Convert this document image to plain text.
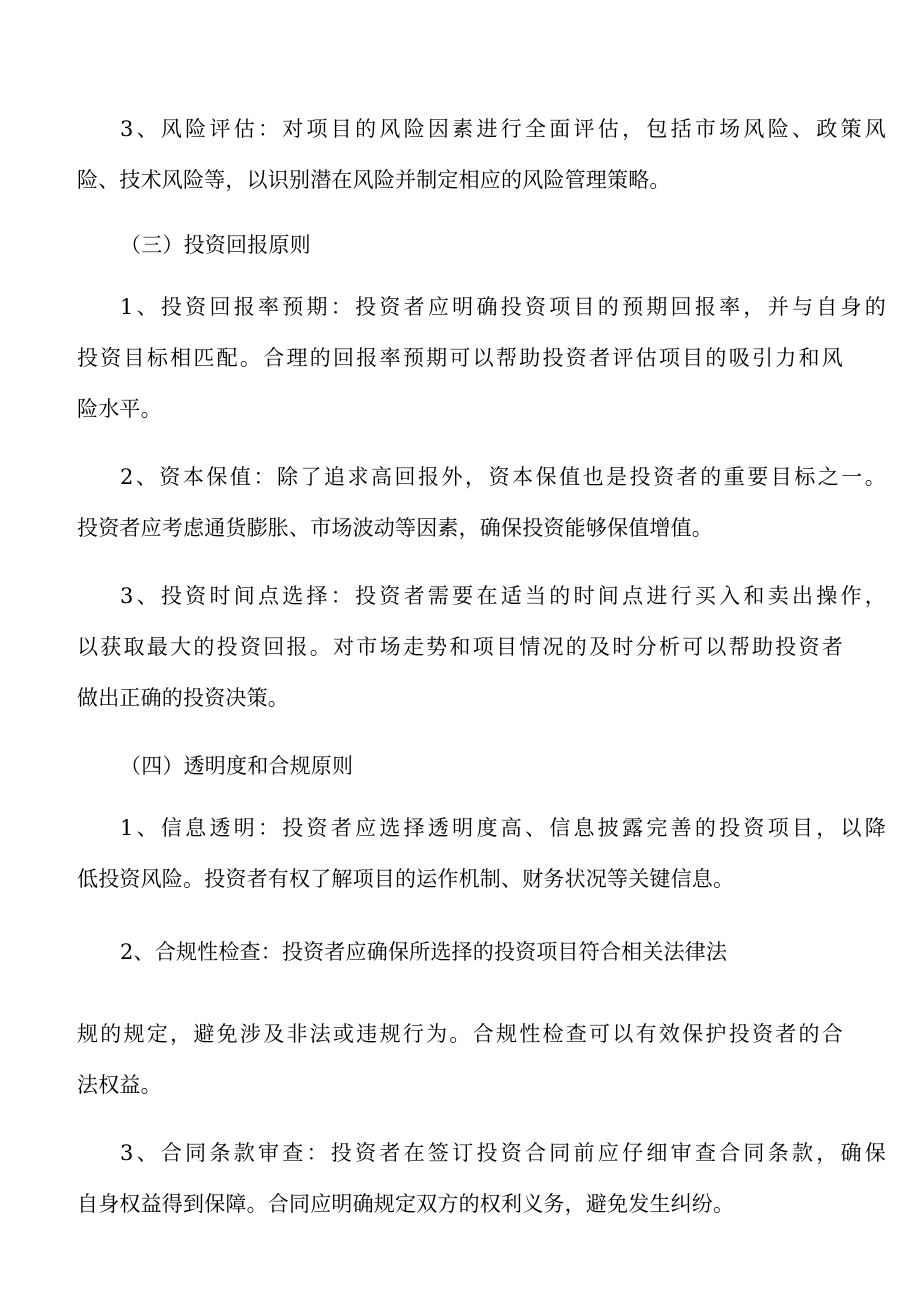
3、风险评估：对项目的风险因素进行全面评估，包括市场风险、政策风
险、技术风险等，以识别潜在风险并制定相应的风险管理策略。
（三）投资回报原则
1、投资回报率预期：投资者应明确投资项目的预期回报率，并与自身的
投资目标相匹配。合理的回报率预期可以帮助投资者评估项目的吸引力和风
险水平。
2、资本保值：除了追求高回报外，资本保值也是投资者的重要目标之一。
投资者应考虑通货膨胀、市场波动等因素，确保投资能够保值增值。
3、投资时间点选择：投资者需要在适当的时间点进行买入和卖出操作，
以获取最大的投资回报。对市场走势和项目情况的及时分析可以帮助投资者
做出正确的投资决策。
（四）透明度和合规原则
1、信息透明：投资者应选择透明度高、信息披露完善的投资项目，以降
低投资风险。投资者有权了解项目的运作机制、财务状况等关键信息。
2、合规性检查：投资者应确保所选择的投资项目符合相关法律法
规的规定，避免涉及非法或违规行为。合规性检查可以有效保护投资者的合
法权益。
3、合同条款审查：投资者在签订投资合同前应仔细审查合同条款，确保
自身权益得到保障。合同应明确规定双方的权利义务，避免发生纠纷。
